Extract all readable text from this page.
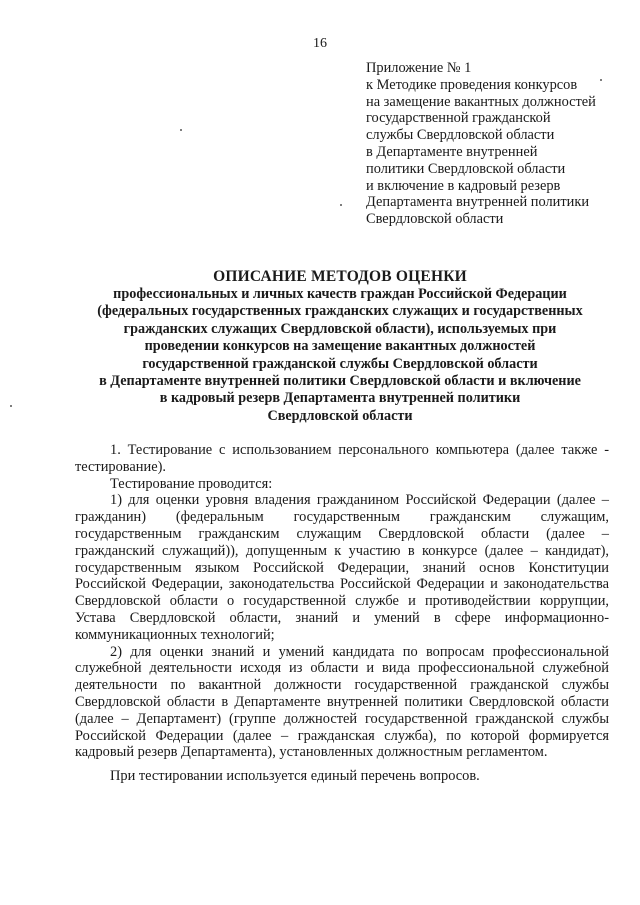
16
Приложение № 1
к Методике проведения конкурсов
на замещение вакантных должностей
государственной гражданской
службы Свердловской области
в Департаменте внутренней
политики Свердловской области
и включение в кадровый резерв
Департамента внутренней политики
Свердловской области
ОПИСАНИЕ МЕТОДОВ ОЦЕНКИ
профессиональных и личных качеств граждан Российской Федерации
(федеральных государственных гражданских служащих и государственных
гражданских служащих Свердловской области), используемых при
проведении конкурсов на замещение вакантных должностей
государственной гражданской службы Свердловской области
в Департаменте внутренней политики Свердловской области и включение
в кадровый резерв Департамента внутренней политики
Свердловской области

1. Тестирование с использованием персонального компьютера (далее также - тестирование).

Тестирование проводится:

1) для оценки уровня владения гражданином Российской Федерации (далее – гражданин) (федеральным государственным гражданским служащим, государственным гражданским служащим Свердловской области (далее – гражданский служащий)), допущенным к участию в конкурсе (далее – кандидат), государственным языком Российской Федерации, знаний основ Конституции Российской Федерации, законодательства Российской Федерации и законодательства Свердловской области о государственной службе и противодействии коррупции, Устава Свердловской области, знаний и умений в сфере информационно-коммуникационных технологий;

2) для оценки знаний и умений кандидата по вопросам профессиональной служебной деятельности исходя из области и вида профессиональной служебной деятельности по вакантной должности государственной гражданской службы Свердловской области в Департаменте внутренней политики Свердловской области (далее – Департамент) (группе должностей государственной гражданской службы Российской Федерации (далее – гражданская служба), по которой формируется кадровый резерв Департамента), установленных должностным регламентом.

При тестировании используется единый перечень вопросов.
